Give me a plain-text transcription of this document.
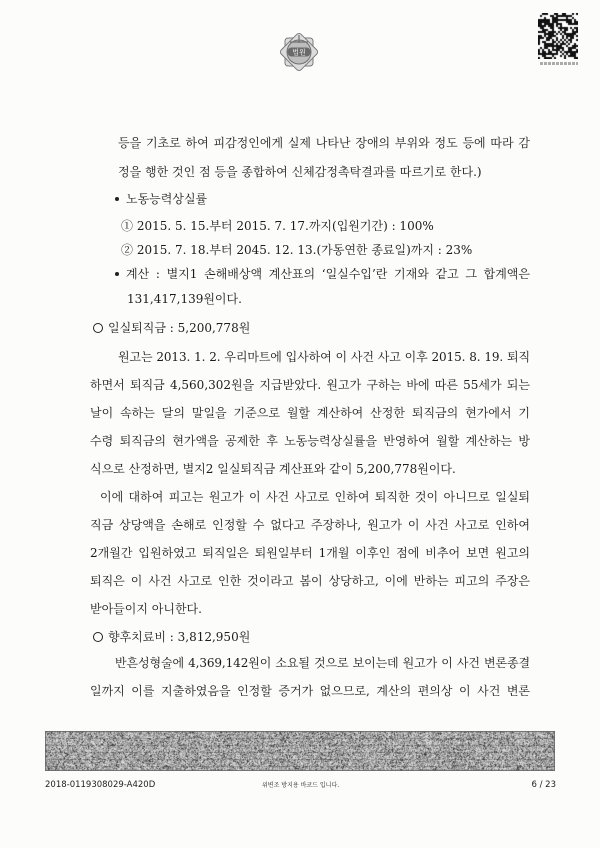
법원
등을 기초로 하여 피감정인에게 실제 나타난 장애의 부위와 정도 등에 따라 감
정을 행한 것인 점 등을 종합하여 신체감정촉탁결과를 따르기로 한다.)
노동능력상실률
① 2015. 5. 15.부터 2015. 7. 17.까지(입원기간) : 100%
② 2015. 7. 18.부터 2045. 12. 13.(가동연한 종료일)까지 : 23%
계산 : 별지1 손해배상액 계산표의 ‘일실수입’란 기재와 같고 그 합계액은
131,417,139원이다.
일실퇴직금 : 5,200,778원
원고는 2013. 1. 2. 우리마트에 입사하여 이 사건 사고 이후 2015. 8. 19. 퇴직
하면서 퇴직금 4,560,302원을 지급받았다. 원고가 구하는 바에 따른 55세가 되는
날이 속하는 달의 말일을 기준으로 월할 계산하여 산정한 퇴직금의 현가에서 기
수령 퇴직금의 현가액을 공제한 후 노동능력상실률을 반영하여 월할 계산하는 방
식으로 산정하면, 별지2 일실퇴직금 계산표와 같이 5,200,778원이다.
이에 대하여 피고는 원고가 이 사건 사고로 인하여 퇴직한 것이 아니므로 일실퇴
직금 상당액을 손해로 인정할 수 없다고 주장하나, 원고가 이 사건 사고로 인하여
2개월간 입원하였고 퇴직일은 퇴원일부터 1개월 이후인 점에 비추어 보면 원고의
퇴직은 이 사건 사고로 인한 것이라고 봄이 상당하고, 이에 반하는 피고의 주장은
받아들이지 아니한다.
향후치료비 : 3,812,950원
반흔성형술에 4,369,142원이 소요될 것으로 보이는데 원고가 이 사건 변론종결
일까지 이를 지출하였음을 인정할 증거가 없으므로, 계산의 편의상 이 사건 변론
2018-0119308029-A420D	위변조 방지용 바코드 입니다.	6 / 23
